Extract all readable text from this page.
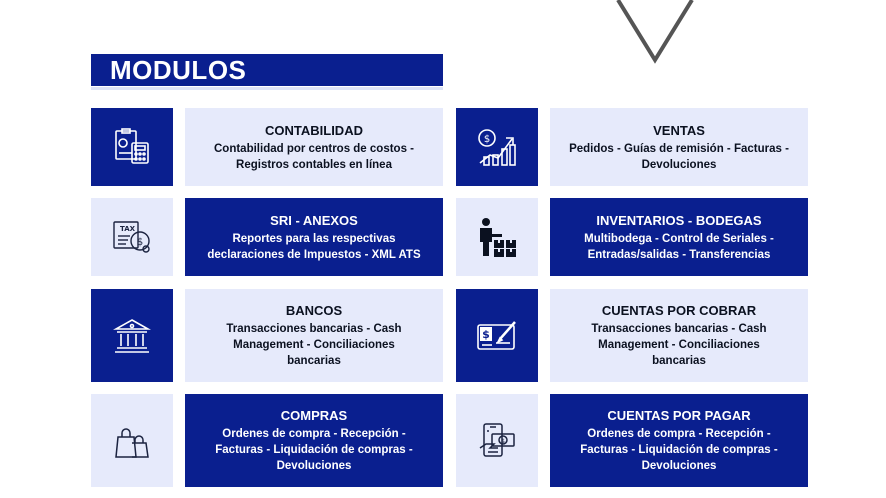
MODULOS
CONTABILIDAD
Contabilidad por centros de costos -
Registros contables en línea
$
VENTAS
Pedidos - Guías de remisión - Facturas -
Devoluciones
TAX
$
SRI - ANEXOS
Reportes para las respectivas
declaraciones de Impuestos - XML ATS
INVENTARIOS - BODEGAS
Multibodega - Control de Seriales -
Entradas/salidas - Transferencias
BANCOS
Transacciones bancarias - Cash
Management - Conciliaciones
bancarias
$
CUENTAS POR COBRAR
Transacciones bancarias - Cash
Management - Conciliaciones
bancarias
COMPRAS
Ordenes de compra - Recepción -
Facturas - Liquidación de compras -
Devoluciones
$
CUENTAS POR PAGAR
Ordenes de compra - Recepción -
Facturas - Liquidación de compras -
Devoluciones
